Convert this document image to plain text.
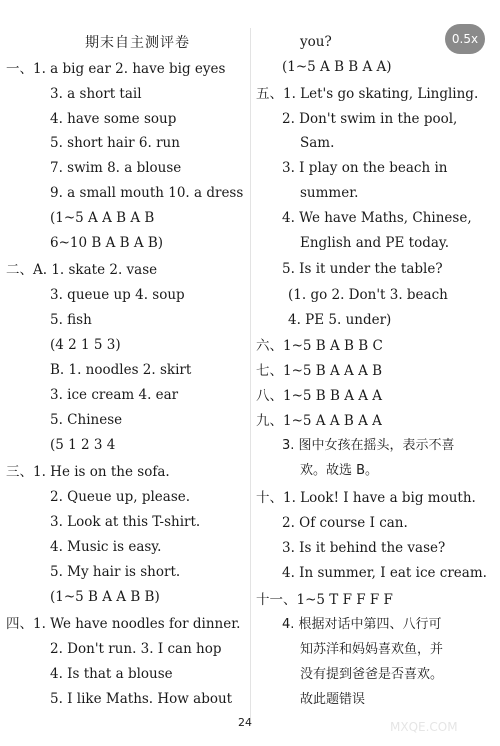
期末自主测评卷
一、1. a big ear 2. have big eyes
3. a short tail
4. have some soup
5. short hair 6. run
7. swim 8. a blouse
9. a small mouth 10. a dress
(1~5 A A B A B
6~10 B A B A B)
二、A. 1. skate 2. vase
3. queue up 4. soup
5. fish
(4 2 1 5 3)
B. 1. noodles 2. skirt
3. ice cream 4. ear
5. Chinese
(5 1 2 3 4
三、1. He is on the sofa.
2. Queue up, please.
3. Look at this T-shirt.
4. Music is easy.
5. My hair is short.
(1~5 B A A B B)
四、1. We have noodles for dinner.
2. Don't run. 3. I can hop
4. Is that a blouse
5. I like Maths. How about
you?
(1~5 A B B A A)
五、1. Let's go skating, Lingling.
2. Don't swim in the pool,
Sam.
3. I play on the beach in
summer.
4. We have Maths, Chinese,
English and PE today.
5. Is it under the table?
(1. go 2. Don't 3. beach
4. PE 5. under)
六、1~5 B A B B C
七、1~5 B A A A B
八、1~5 B B A A A
九、1~5 A A B A A
3. 图中女孩在摇头，表示不喜
欢。故选 B。
十、1. Look! I have a big mouth.
2. Of course I can.
3. Is it behind the vase?
4. In summer, I eat ice cream.
十一、1~5 T F F F F
4. 根据对话中第四、八行可
知苏洋和妈妈喜欢鱼，并
没有提到爸爸是否喜欢。
故此题错误
0.5x
24	MXQE.COM
